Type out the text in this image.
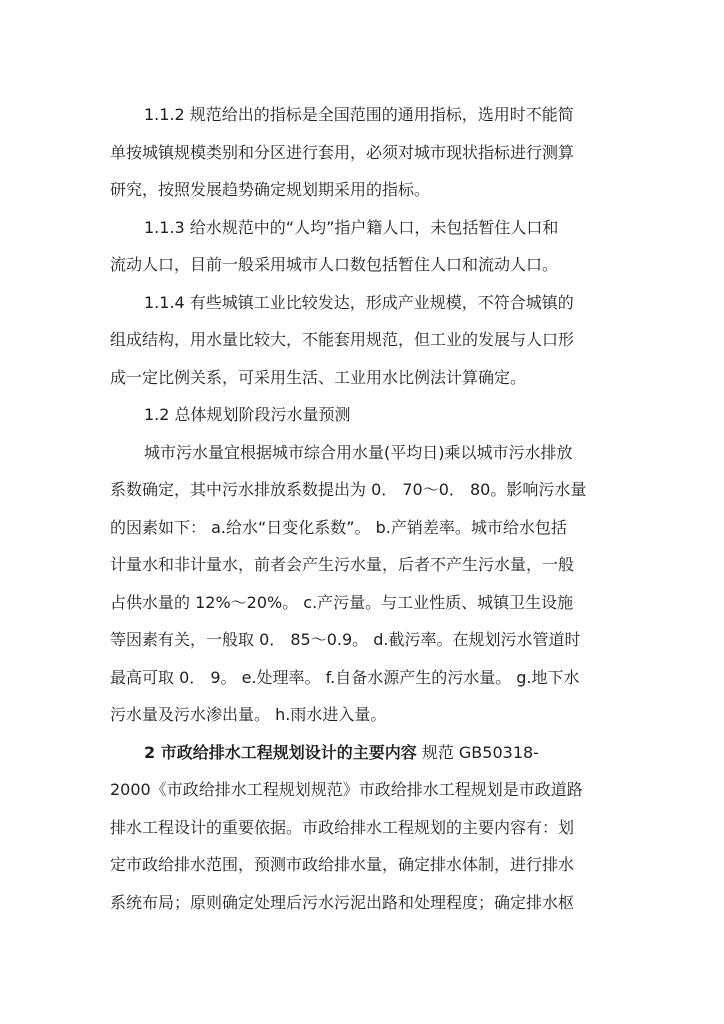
1.1.2 规范给出的指标是全国范围的通用指标，选用时不能简
单按城镇规模类别和分区进行套用，必须对城市现状指标进行测算
研究，按照发展趋势确定规划期采用的指标。
1.1.3 给水规范中的“人均”指户籍人口，未包括暂住人口和
流动人口，目前一般采用城市人口数包括暂住人口和流动人口。
1.1.4 有些城镇工业比较发达，形成产业规模，不符合城镇的
组成结构，用水量比较大，不能套用规范，但工业的发展与人口形
成一定比例关系，可采用生活、工业用水比例法计算确定。
1.2 总体规划阶段污水量预测
城市污水量宜根据城市综合用水量(平均日)乘以城市污水排放
系数确定，其中污水排放系数提出为 0． 70～0． 80。影响污水量
的因素如下： a.给水“日变化系数”。 b.产销差率。城市给水包括
计量水和非计量水，前者会产生污水量，后者不产生污水量，一般
占供水量的 12%～20%。 c.产污量。与工业性质、城镇卫生设施
等因素有关，一般取 0． 85～0.9。 d.截污率。在规划污水管道时
最高可取 0． 9。 e.处理率。 f.自备水源产生的污水量。 g.地下水
污水量及污水渗出量。 h.雨水进入量。
2 市政给排水工程规划设计的主要内容 规范 GB50318-
2000《市政给排水工程规划规范》市政给排水工程规划是市政道路
排水工程设计的重要依据。市政给排水工程规划的主要内容有：划
定市政给排水范围，预测市政给排水量，确定排水体制，进行排水
系统布局；原则确定处理后污水污泥出路和处理程度；确定排水枢
